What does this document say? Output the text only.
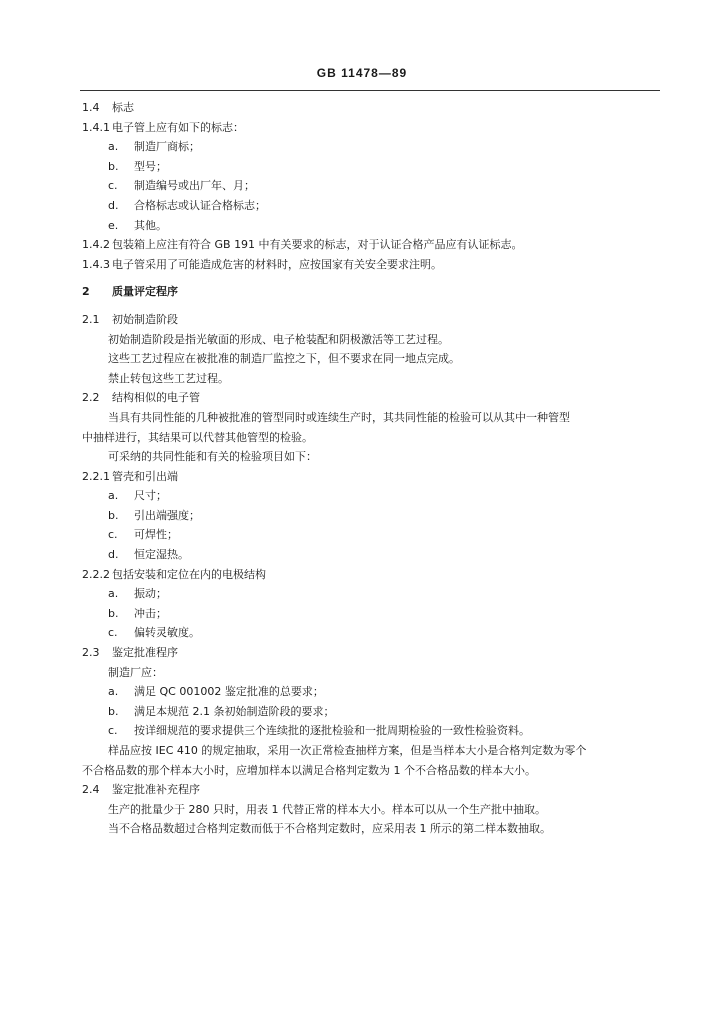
GB 11478—89
1.4 标志
1.4.1 电子管上应有如下的标志：
a. 制造厂商标；
b. 型号；
c. 制造编号或出厂年、月；
d. 合格标志或认证合格标志；
e. 其他。
1.4.2 包装箱上应注有符合 GB 191 中有关要求的标志，对于认证合格产品应有认证标志。
1.4.3 电子管采用了可能造成危害的材料时，应按国家有关安全要求注明。
2 质量评定程序
2.1 初始制造阶段
初始制造阶段是指光敏面的形成、电子枪装配和阴极激活等工艺过程。
这些工艺过程应在被批准的制造厂监控之下，但不要求在同一地点完成。
禁止转包这些工艺过程。
2.2 结构相似的电子管
当具有共同性能的几种被批准的管型同时或连续生产时，其共同性能的检验可以从其中一种管型
中抽样进行，其结果可以代替其他管型的检验。
可采纳的共同性能和有关的检验项目如下：
2.2.1 管壳和引出端
a. 尺寸；
b. 引出端强度；
c. 可焊性；
d. 恒定湿热。
2.2.2 包括安装和定位在内的电极结构
a. 振动；
b. 冲击；
c. 偏转灵敏度。
2.3 鉴定批准程序
制造厂应：
a. 满足 QC 001002 鉴定批准的总要求；
b. 满足本规范 2.1 条初始制造阶段的要求；
c. 按详细规范的要求提供三个连续批的逐批检验和一批周期检验的一致性检验资料。
样品应按 IEC 410 的规定抽取，采用一次正常检查抽样方案，但是当样本大小是合格判定数为零个
不合格品数的那个样本大小时，应增加样本以满足合格判定数为 1 个不合格品数的样本大小。
2.4 鉴定批准补充程序
生产的批量少于 280 只时，用表 1 代替正常的样本大小。样本可以从一个生产批中抽取。
当不合格品数超过合格判定数而低于不合格判定数时，应采用表 1 所示的第二样本数抽取。
